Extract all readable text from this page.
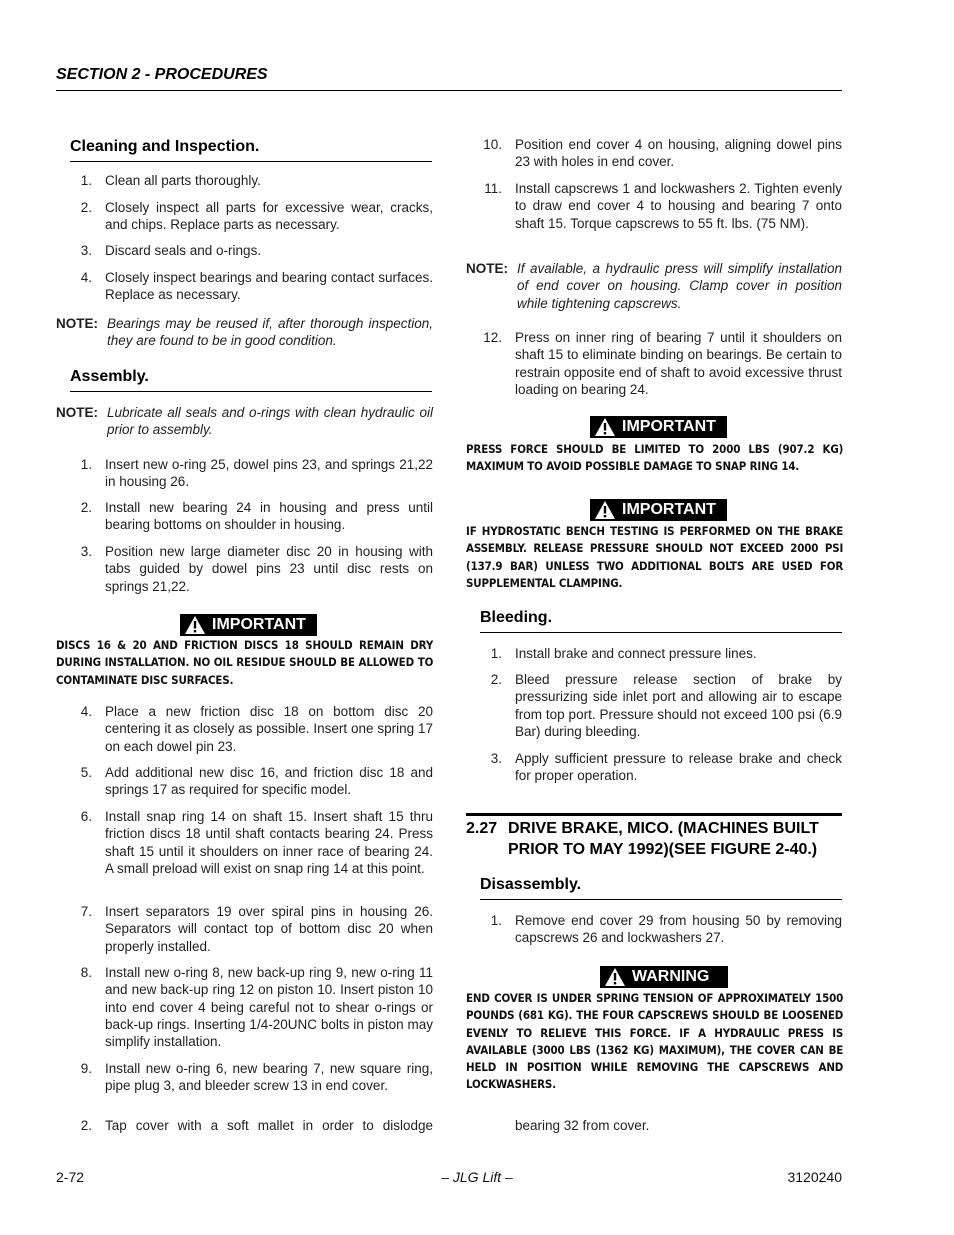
SECTION 2 - PROCEDURES
Cleaning and Inspection.
1. Clean all parts thoroughly.
2. Closely inspect all parts for excessive wear, cracks, and chips. Replace parts as necessary.
3. Discard seals and o-rings.
4. Closely inspect bearings and bearing contact surfaces. Replace as necessary.
NOTE: Bearings may be reused if, after thorough inspection, they are found to be in good condition.
Assembly.
NOTE: Lubricate all seals and o-rings with clean hydraulic oil prior to assembly.
1. Insert new o-ring 25, dowel pins 23, and springs 21,22 in housing 26.
2. Install new bearing 24 in housing and press until bearing bottoms on shoulder in housing.
3. Position new large diameter disc 20 in housing with tabs guided by dowel pins 23 until disc rests on springs 21,22.
IMPORTANT
DISCS 16 & 20 AND FRICTION DISCS 18 SHOULD REMAIN DRY DURING INSTALLATION. NO OIL RESIDUE SHOULD BE ALLOWED TO CONTAMINATE DISC SURFACES.
4. Place a new friction disc 18 on bottom disc 20 centering it as closely as possible. Insert one spring 17 on each dowel pin 23.
5. Add additional new disc 16, and friction disc 18 and springs 17 as required for specific model.
6. Install snap ring 14 on shaft 15. Insert shaft 15 thru friction discs 18 until shaft contacts bearing 24. Press shaft 15 until it shoulders on inner race of bearing 24. A small preload will exist on snap ring 14 at this point.
7. Insert separators 19 over spiral pins in housing 26. Separators will contact top of bottom disc 20 when properly installed.
8. Install new o-ring 8, new back-up ring 9, new o-ring 11 and new back-up ring 12 on piston 10. Insert piston 10 into end cover 4 being careful not to shear o-rings or back-up rings. Inserting 1/4-20UNC bolts in piston may simplify installation.
9. Install new o-ring 6, new bearing 7, new square ring, pipe plug 3, and bleeder screw 13 in end cover.
2. Tap cover with a soft mallet in order to dislodge
10. Position end cover 4 on housing, aligning dowel pins 23 with holes in end cover.
11. Install capscrews 1 and lockwashers 2. Tighten evenly to draw end cover 4 to housing and bearing 7 onto shaft 15. Torque capscrews to 55 ft. lbs. (75 NM).
NOTE: If available, a hydraulic press will simplify installation of end cover on housing. Clamp cover in position while tightening capscrews.
12. Press on inner ring of bearing 7 until it shoulders on shaft 15 to eliminate binding on bearings. Be certain to restrain opposite end of shaft to avoid excessive thrust loading on bearing 24.
IMPORTANT
PRESS FORCE SHOULD BE LIMITED TO 2000 LBS (907.2 KG) MAXIMUM TO AVOID POSSIBLE DAMAGE TO SNAP RING 14.
IMPORTANT
IF HYDROSTATIC BENCH TESTING IS PERFORMED ON THE BRAKE ASSEMBLY. RELEASE PRESSURE SHOULD NOT EXCEED 2000 PSI (137.9 BAR) UNLESS TWO ADDITIONAL BOLTS ARE USED FOR SUPPLEMENTAL CLAMPING.
Bleeding.
1. Install brake and connect pressure lines.
2. Bleed pressure release section of brake by pressurizing side inlet port and allowing air to escape from top port. Pressure should not exceed 100 psi (6.9 Bar) during bleeding.
3. Apply sufficient pressure to release brake and check for proper operation.
2.27 DRIVE BRAKE, MICO. (MACHINES BUILT
PRIOR TO MAY 1992)(SEE FIGURE 2-40.)
Disassembly.
1. Remove end cover 29 from housing 50 by removing capscrews 26 and lockwashers 27.
WARNING
END COVER IS UNDER SPRING TENSION OF APPROXIMATELY 1500 POUNDS (681 KG). THE FOUR CAPSCREWS SHOULD BE LOOSENED EVENLY TO RELIEVE THIS FORCE. IF A HYDRAULIC PRESS IS AVAILABLE (3000 LBS (1362 KG) MAXIMUM), THE COVER CAN BE HELD IN POSITION WHILE REMOVING THE CAPSCREWS AND LOCKWASHERS.
bearing 32 from cover.
2-72	– JLG Lift –	3120240
